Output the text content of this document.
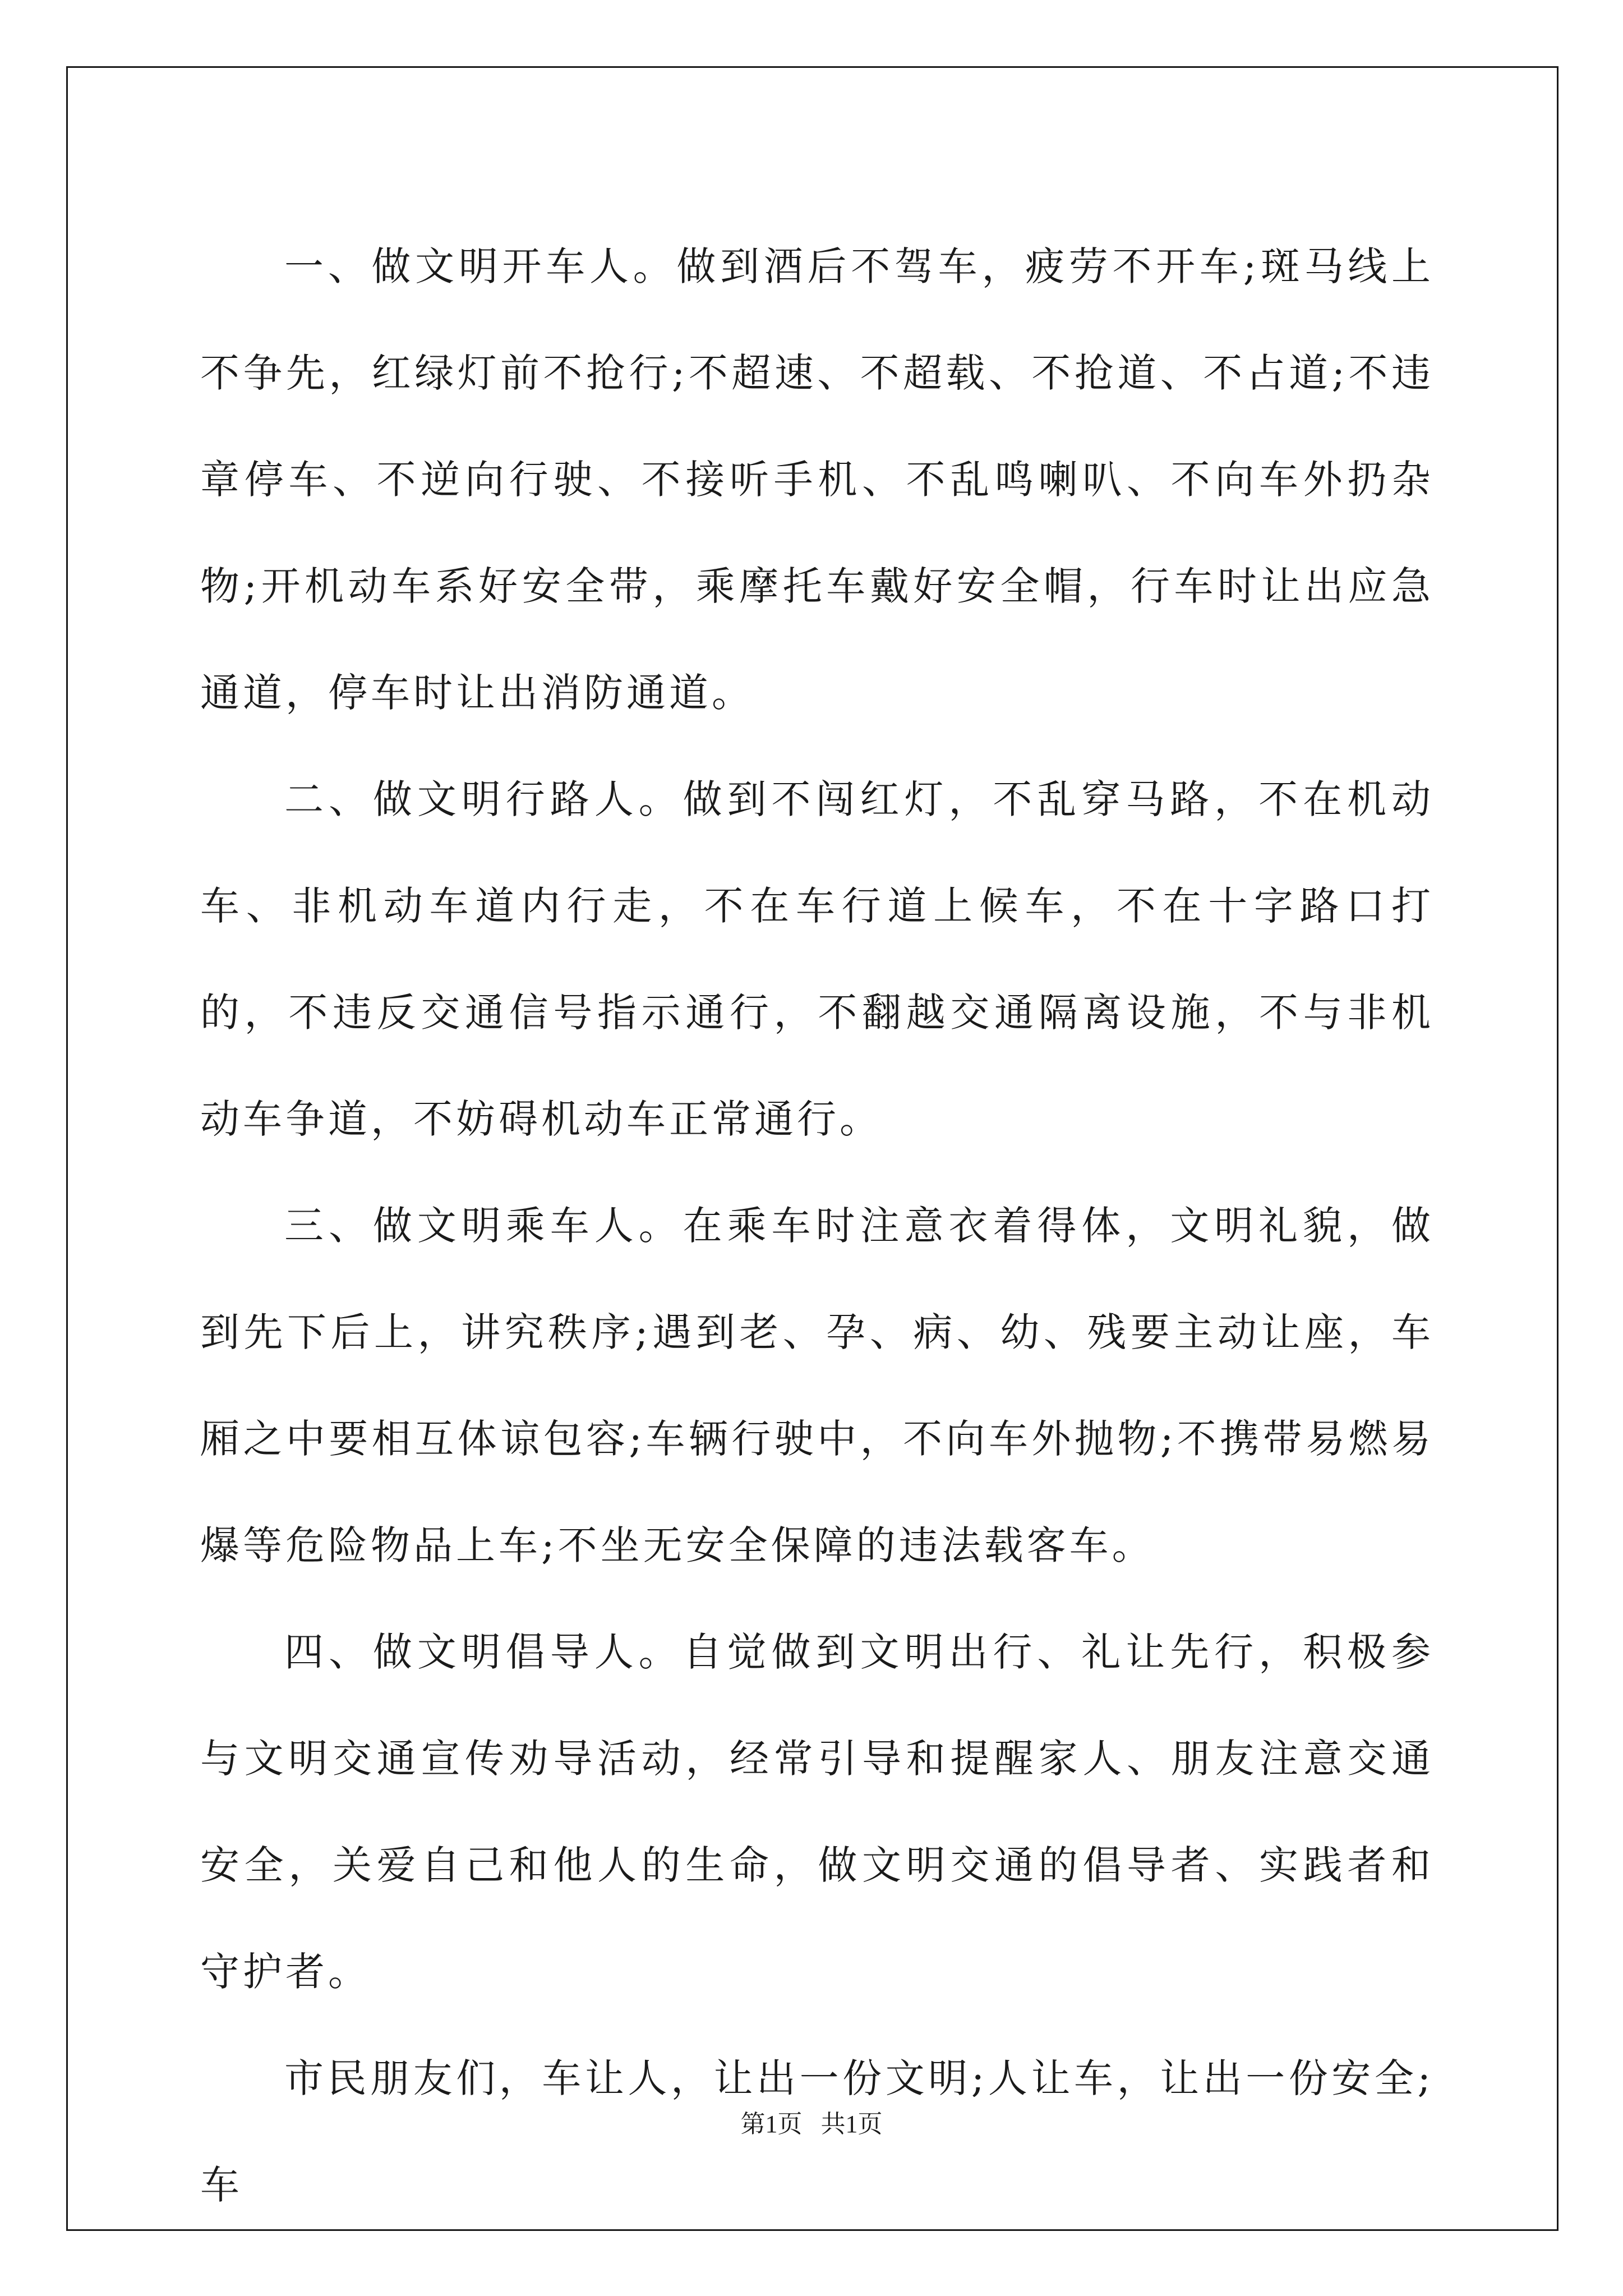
一、做文明开车人。做到酒后不驾车，疲劳不开车;斑马线上不争先，红绿灯前不抢行;不超速、不超载、不抢道、不占道;不违章停车、不逆向行驶、不接听手机、不乱鸣喇叭、不向车外扔杂物;开机动车系好安全带，乘摩托车戴好安全帽，行车时让出应急通道，停车时让出消防通道。

二、做文明行路人。做到不闯红灯，不乱穿马路，不在机动车、非机动车道内行走，不在车行道上候车，不在十字路口打的，不违反交通信号指示通行，不翻越交通隔离设施，不与非机动车争道，不妨碍机动车正常通行。

三、做文明乘车人。在乘车时注意衣着得体，文明礼貌，做到先下后上，讲究秩序;遇到老、孕、病、幼、残要主动让座，车厢之中要相互体谅包容;车辆行驶中，不向车外抛物;不携带易燃易爆等危险物品上车;不坐无安全保障的违法载客车。

四、做文明倡导人。自觉做到文明出行、礼让先行，积极参与文明交通宣传劝导活动，经常引导和提醒家人、朋友注意交通安全，关爱自己和他人的生命，做文明交通的倡导者、实践者和守护者。

市民朋友们，车让人，让出一份文明;人让车，让出一份安全;车

第1页   共1页
